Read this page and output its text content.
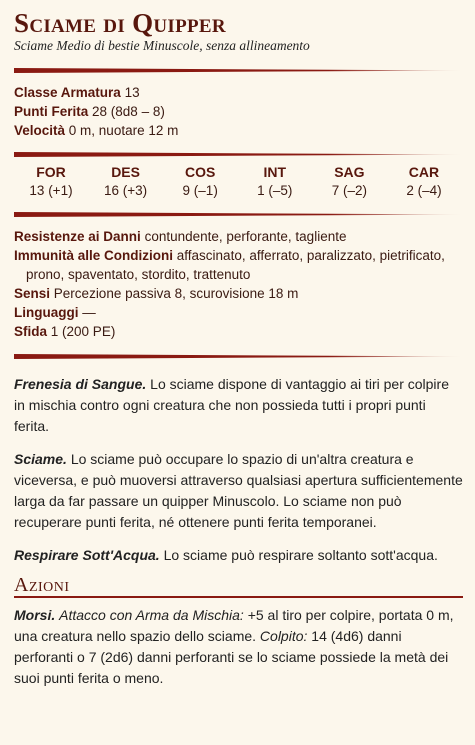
Sciame di Quipper
Sciame Medio di bestie Minuscole, senza allineamento
Classe Armatura 13
Punti Ferita 28 (8d8 – 8)
Velocità 0 m, nuotare 12 m
FOR
13 (+1)
DES
16 (+3)
COS
9 (–1)
INT
1 (–5)
SAG
7 (–2)
CAR
2 (–4)
Resistenze ai Danni contundente, perforante, tagliente
Immunità alle Condizioni affascinato, afferrato, paralizzato, pietrificato, prono, spaventato, stordito, trattenuto
Sensi Percezione passiva 8, scurovisione 18 m
Linguaggi —
Sfida 1 (200 PE)

Frenesia di Sangue. Lo sciame dispone di vantaggio ai tiri per colpire in mischia contro ogni creatura che non possieda tutti i propri punti ferita.

Sciame. Lo sciame può occupare lo spazio di un'altra creatura e viceversa, e può muoversi attraverso qualsiasi apertura sufficientemente larga da far passare un quipper Minuscolo. Lo sciame non può recuperare punti ferita, né ottenere punti ferita temporanei.

Respirare Sott'Acqua. Lo sciame può respirare soltanto sott'acqua.

Azioni

Morsi. Attacco con Arma da Mischia: +5 al tiro per colpire, portata 0 m, una creatura nello spazio dello sciame. Colpito: 14 (4d6) danni perforanti o 7 (2d6) danni perforanti se lo sciame possiede la metà dei suoi punti ferita o meno.
